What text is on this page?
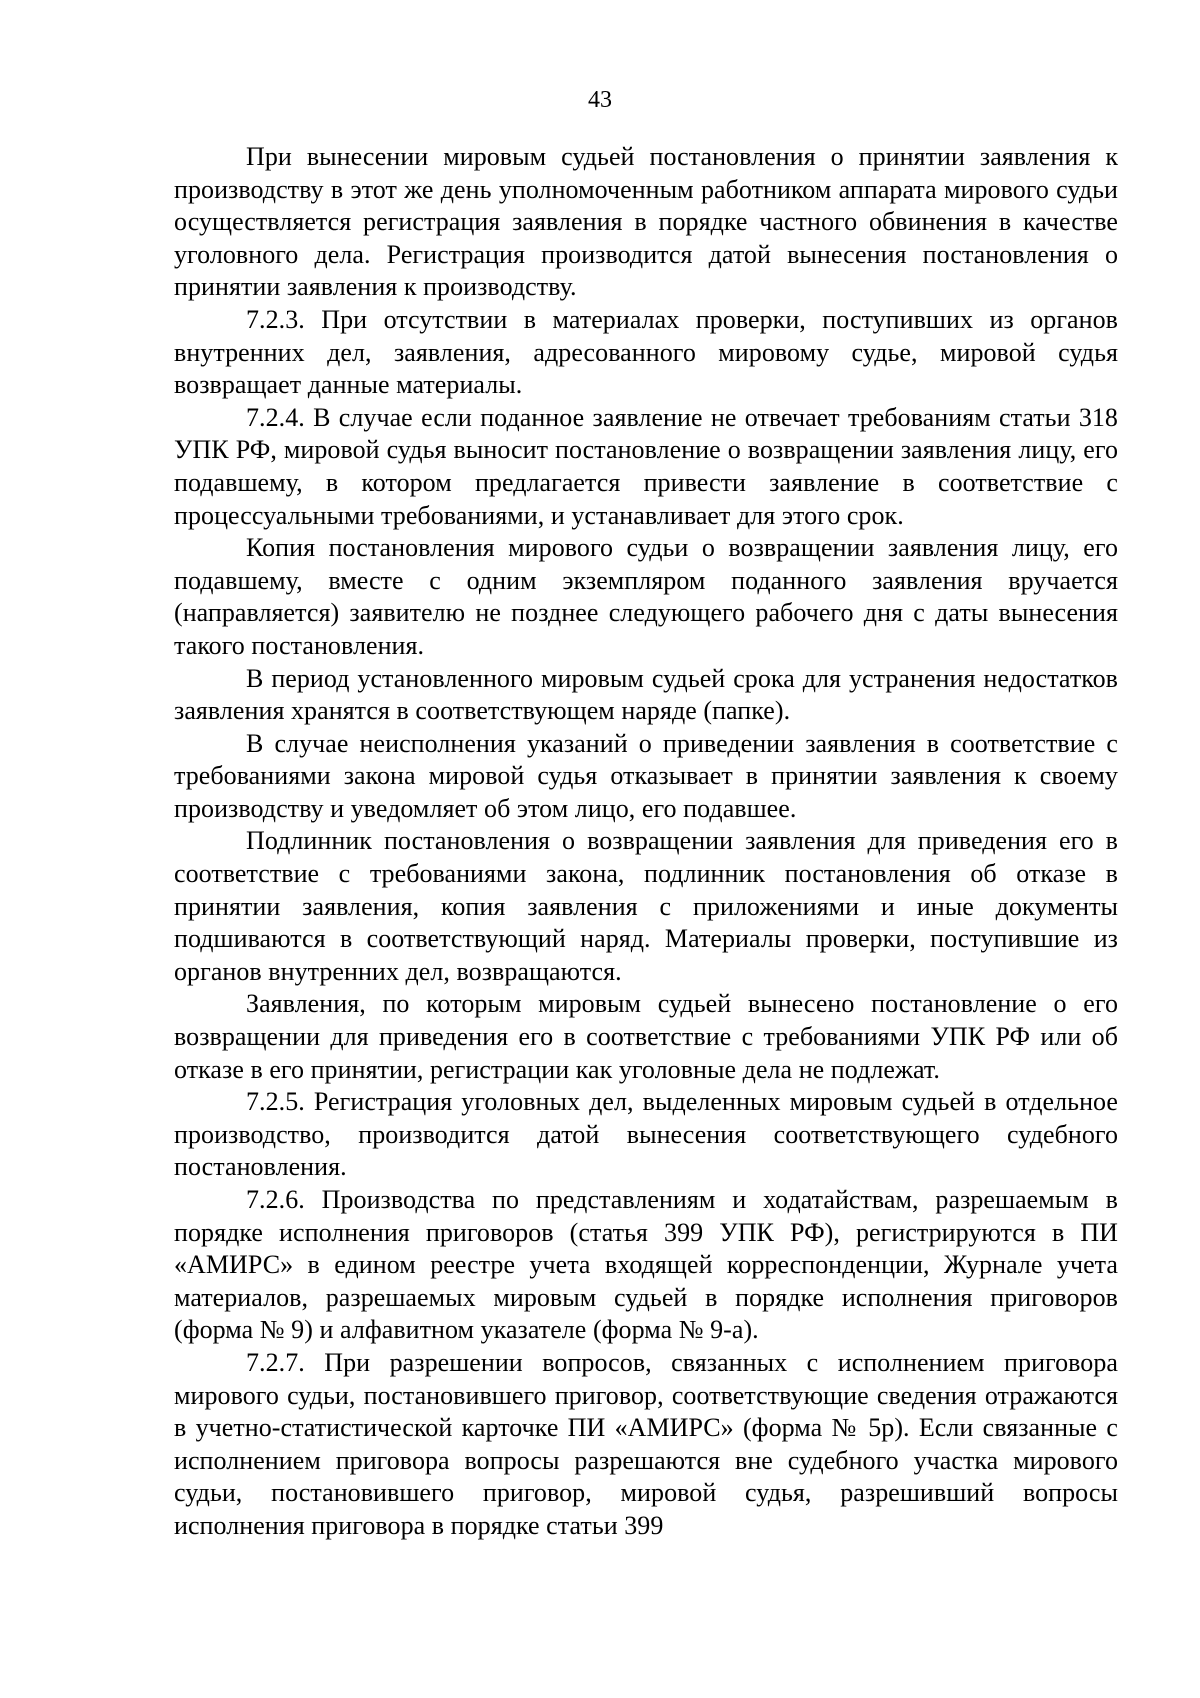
43

При вынесении мировым судьей постановления о принятии заявления к производству в этот же день уполномоченным работником аппарата мирового судьи осуществляется регистрация заявления в порядке частного обвинения в качестве уголовного дела. Регистрация производится датой вынесения постановления о принятии заявления к производству.

7.2.3. При отсутствии в материалах проверки, поступивших из органов внутренних дел, заявления, адресованного мировому судье, мировой судья возвращает данные материалы.

7.2.4. В случае если поданное заявление не отвечает требованиям статьи 318 УПК РФ, мировой судья выносит постановление о возвращении заявления лицу, его подавшему, в котором предлагается привести заявление в соответствие с процессуальными требованиями, и устанавливает для этого срок.

Копия постановления мирового судьи о возвращении заявления лицу, его подавшему, вместе с одним экземпляром поданного заявления вручается (направляется) заявителю не позднее следующего рабочего дня с даты вынесения такого постановления.

В период установленного мировым судьей срока для устранения недостатков заявления хранятся в соответствующем наряде (папке).

В случае неисполнения указаний о приведении заявления в соответствие с требованиями закона мировой судья отказывает в принятии заявления к своему производству и уведомляет об этом лицо, его подавшее.

Подлинник постановления о возвращении заявления для приведения его в соответствие с требованиями закона, подлинник постановления об отказе в принятии заявления, копия заявления с приложениями и иные документы подшиваются в соответствующий наряд. Материалы проверки, поступившие из органов внутренних дел, возвращаются.

Заявления, по которым мировым судьей вынесено постановление о его возвращении для приведения его в соответствие с требованиями УПК РФ или об отказе в его принятии, регистрации как уголовные дела не подлежат.

7.2.5. Регистрация уголовных дел, выделенных мировым судьей в отдельное производство, производится датой вынесения соответствующего судебного постановления.

7.2.6. Производства по представлениям и ходатайствам, разрешаемым в порядке исполнения приговоров (статья 399 УПК РФ), регистрируются в ПИ «АМИРС» в едином реестре учета входящей корреспонденции, Журнале учета материалов, разрешаемых мировым судьей в порядке исполнения приговоров (форма № 9) и алфавитном указателе (форма № 9-а).

7.2.7. При разрешении вопросов, связанных с исполнением приговора мирового судьи, постановившего приговор, соответствующие сведения отражаются в учетно-статистической карточке ПИ «АМИРС» (форма № 5р). Если связанные с исполнением приговора вопросы разрешаются вне судебного участка мирового судьи, постановившего приговор, мировой судья, разрешивший вопросы исполнения приговора в порядке статьи 399
